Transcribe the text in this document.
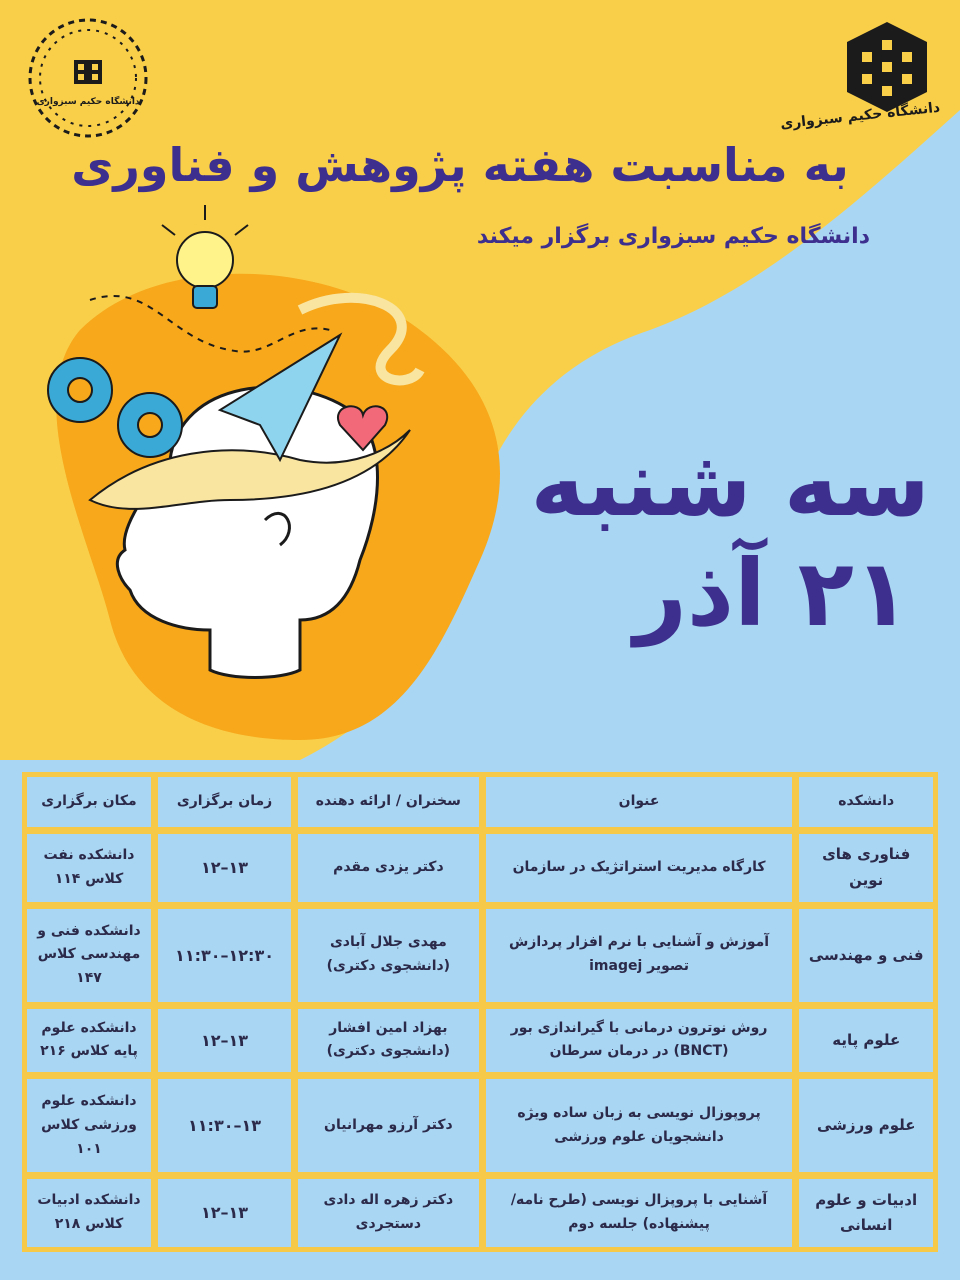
دانشگاه حکیم سبزواری	دانشگاه حکیم سبزواری
به مناسبت هفته پژوهش و فناوری
دانشگاه حکیم سبزواری برگزار میکند
سه شنبه
۲۱ آذر
دانشکده	عنوان	سخنران / ارائه دهنده	زمان برگزاری	مکان برگزاری
فناوری های نوین	کارگاه مدیریت استراتژیک در سازمان	دکتر یزدی مقدم	۱۳–۱۲	دانشکده نفت کلاس ۱۱۴
فنی و مهندسی	آموزش و آشنایی با نرم افزار پردازش تصویر imagej	مهدی جلال آبادی (دانشجوی دکتری)	۱۲:۳۰–۱۱:۳۰	دانشکده فنی و مهندسی کلاس ۱۴۷
علوم پایه	روش نوترون درمانی با گیراندازی بور (BNCT) در درمان سرطان	بهزاد امین افشار (دانشجوی دکتری)	۱۳–۱۲	دانشکده علوم پایه کلاس ۲۱۶
علوم ورزشی	پروپوزال نویسی به زبان ساده ویژه دانشجویان علوم ورزشی	دکتر آرزو مهرانیان	۱۳–۱۱:۳۰	دانشکده علوم ورزشی کلاس ۱۰۱
ادبیات و علوم انسانی	آشنایی با پروپزال نویسی (طرح نامه/پیشنهاده) جلسه دوم	دکتر زهره اله دادی دستجردی	۱۳–۱۲	دانشکده ادبیات کلاس ۲۱۸
